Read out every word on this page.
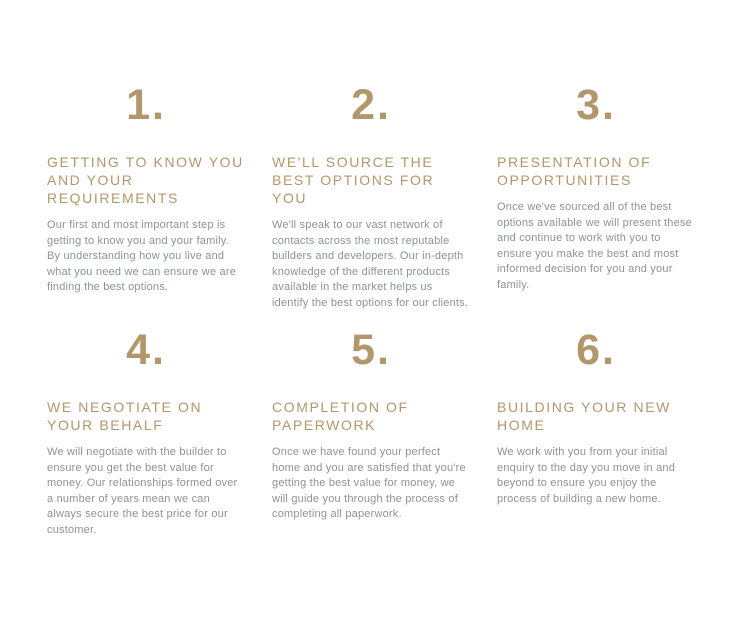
1.
GETTING TO KNOW YOU AND YOUR REQUIREMENTS

Our first and most important step is getting to know you and your family. By understanding how you live and what you need we can ensure we are finding the best options.

2.
WE'LL SOURCE THE BEST OPTIONS FOR YOU

We'll speak to our vast network of contacts across the most reputable builders and developers. Our in-depth knowledge of the different products available in the market helps us identify the best options for our clients.

3.
PRESENTATION OF OPPORTUNITIES

Once we've sourced all of the best options available we will present these and continue to work with you to ensure you make the best and most informed decision for you and your family.

4.
WE NEGOTIATE ON YOUR BEHALF

We will negotiate with the builder to ensure you get the best value for money. Our relationships formed over a number of years mean we can always secure the best price for our customer.

5.
COMPLETION OF PAPERWORK

Once we have found your perfect home and you are satisfied that you're getting the best value for money, we will guide you through the process of completing all paperwork.

6.
BUILDING YOUR NEW HOME

We work with you from your initial enquiry to the day you move in and beyond to ensure you enjoy the process of building a new home.
